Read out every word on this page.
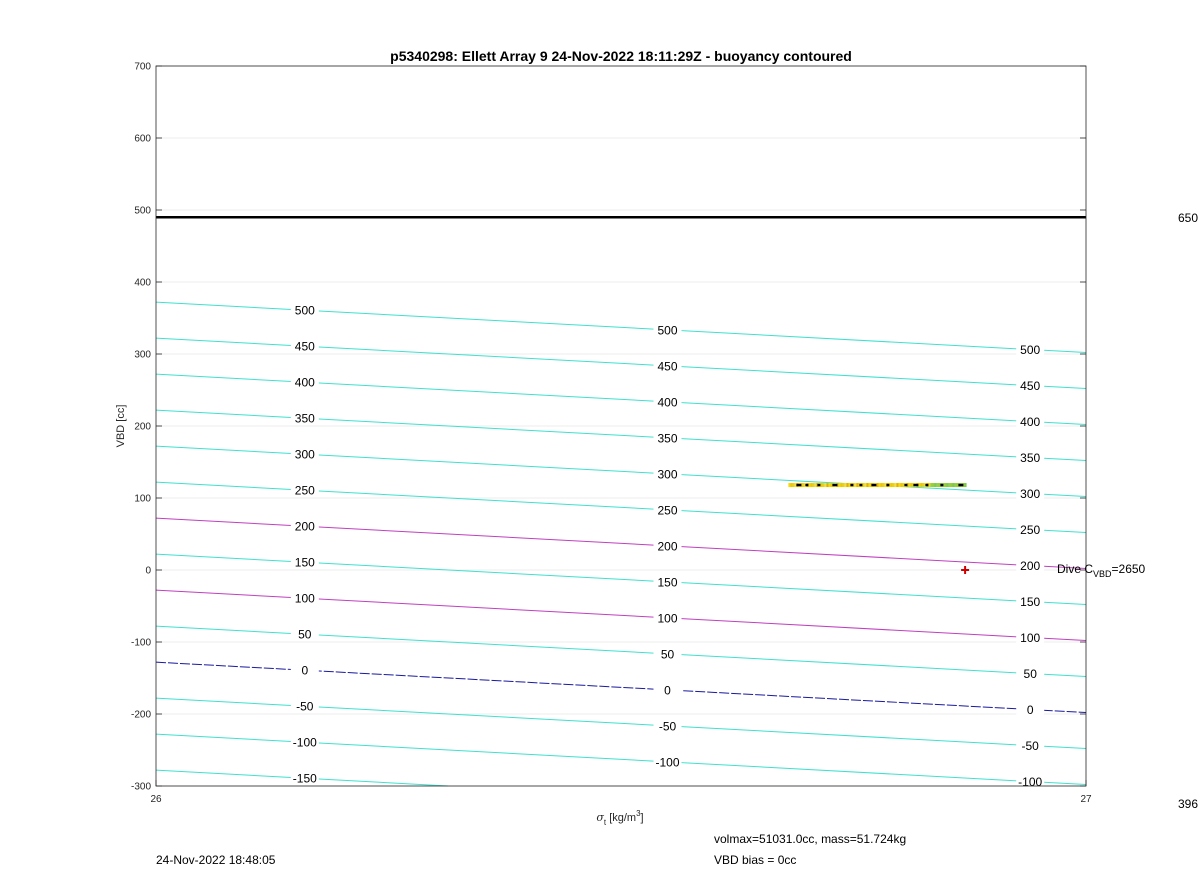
500
500
500
450
450
450
400
400
400
350
350
350
300
300
300
250
250
250
200
200
200
150
150
150
100
100
100
50
50
50
0
0
0
-50
-50
-50
-100
-100
-100
-150
-300
-200
-100
0
100
200
300
400
500
600
700
26	27
p5340298: Ellett Array 9 24-Nov-2022 18:11:29Z - buoyancy contoured
VBD [cc]
$\sigma_t$ $[kg/m^3]$
Dive $C_{VBD}=2650$
650
396
24-Nov-2022 18:48:05
volmax=51031.0cc, mass=51.724kg
VBD bias = 0cc
